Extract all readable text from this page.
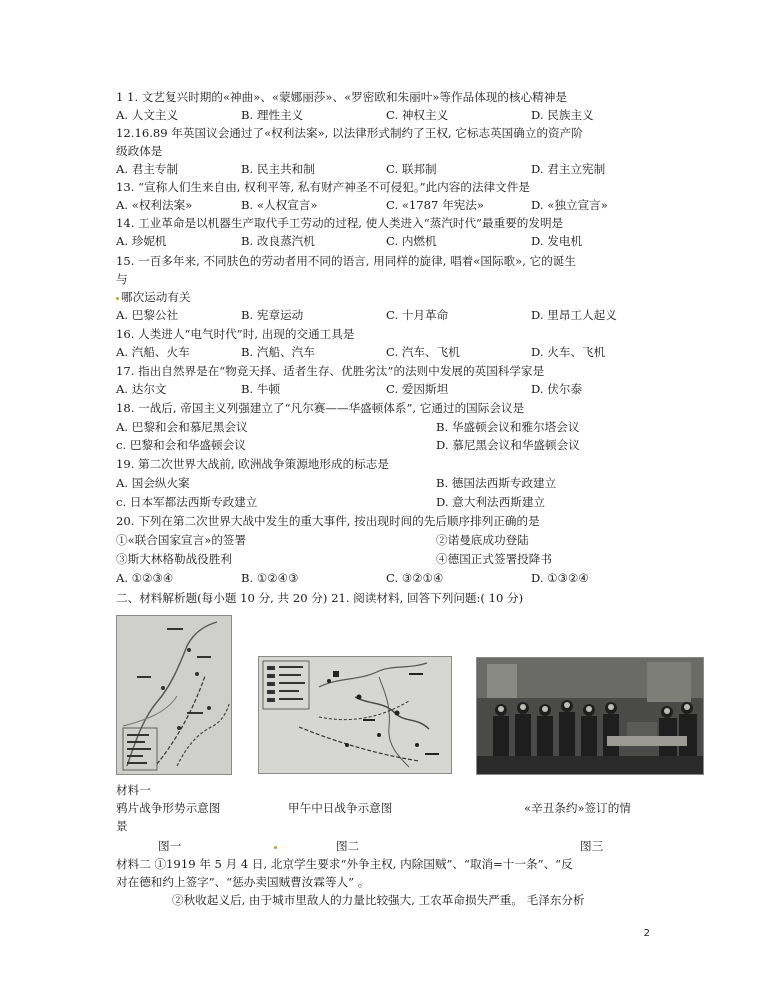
1 1. 文艺复兴时期的«神曲»、«蒙娜丽莎»、«罗密欧和朱丽叶»等作品体现的核心精神是
A. 人文主义	B. 理性主义	C. 神权主义	D. 民族主义
12.16.89 年英国议会通过了«权利法案», 以法律形式制约了王权, 它标志英国确立的资产阶
级政体是
A. 君主专制	B. 民主共和制	C. 联邦制	D. 君主立宪制
13. “宣称人们生来自由, 权利平等, 私有财产神圣不可侵犯。”此内容的法律文件是
A. «权利法案»	B. «人权宣言»	C. «1787 年宪法»	D. «独立宣言»
14. 工业革命是以机器生产取代手工劳动的过程, 使人类进入“蒸汽时代”最重要的发明是
A. 珍妮机	B. 改良蒸汽机	C. 内燃机	D. 发电机
15. 一百多年来, 不同肤色的劳动者用不同的语言, 用同样的旋律, 唱着«国际歌», 它的诞生
与
哪次运动有关
A. 巴黎公社	B. 宪章运动	C. 十月革命	D. 里昂工人起义
16. 人类进人“电气时代”时, 出现的交通工具是
A. 汽船、火车	B. 汽船、汽车	C. 汽车、飞机	D. 火车、飞机
17. 指出自然界是在“物竞天择、适者生存、优胜劣汰”的法则中发展的英国科学家是
A. 达尔文	B. 牛顿	C. 爱因斯坦	D. 伏尔泰
18. 一战后, 帝国主义列强建立了“凡尔赛——华盛顿体系”, 它通过的国际会议是
A. 巴黎和会和慕尼黑会议	B. 华盛顿会议和雅尔塔会议
c. 巴黎和会和华盛顿会议	D. 慕尼黑会议和华盛顿会议
19. 第二次世界大战前, 欧洲战争策源地形成的标志是
A. 国会纵火案	B. 德国法西斯专政建立
c. 日本军都法西斯专政建立	D. 意大利法西斯建立
20. 下列在第二次世界大战中发生的重大事件, 按出现时间的先后顺序排列正确的是
①«联合国家宣言»的签署	②诺曼底成功登陆
③斯大林格勒战役胜利	④德国正式签署投降书
A. ①②③④	B. ①②④③	C. ③②①④	D. ①③②④
二、材料解析题(每小题 10 分, 共 20 分) 21. 阅读材料, 回答下列问题:( 10 分)
材料一
鸦片战争形势示意图	甲午中日战争示意图	«辛丑条约»签订的情
景
图一	图二	图三
材料二 ①1919 年 5 月 4 日, 北京学生要求“外争主权, 内除国贼”、“取消=十一条”、“反
对在德和约上签字”、“惩办卖国贼曹汝霖等人” 。
②秋收起义后, 由于城市里敌人的力量比较强大, 工农革命损失严重。 毛泽东分析
2
